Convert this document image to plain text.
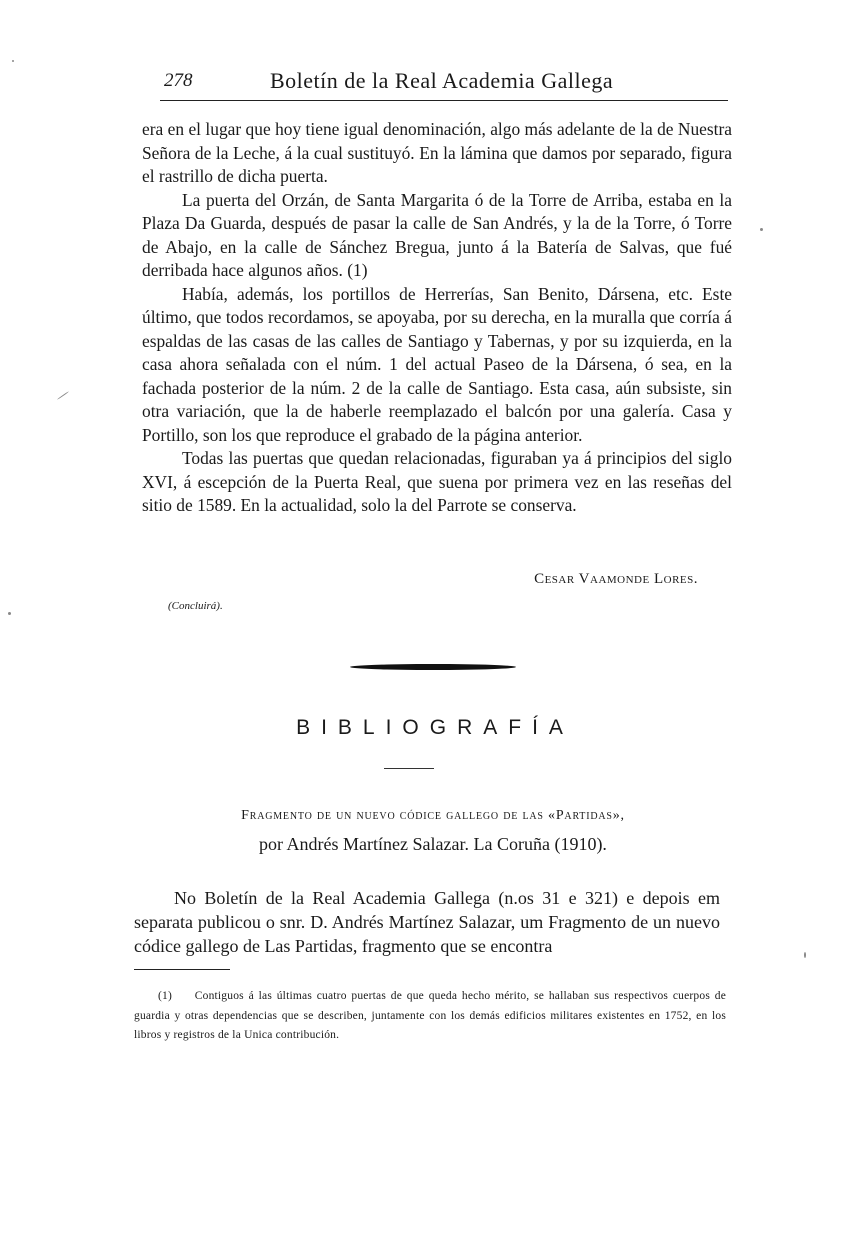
278	Boletín de la Real Academia Gallega

era en el lugar que hoy tiene igual denominación, algo más adelante de la de Nuestra Señora de la Leche, á la cual sustituyó. En la lámina que damos por separado, figura el rastrillo de dicha puerta.

La puerta del Orzán, de Santa Margarita ó de la Torre de Arriba, estaba en la Plaza Da Guarda, después de pasar la calle de San Andrés, y la de la Torre, ó Torre de Abajo, en la calle de Sánchez Bregua, junto á la Batería de Salvas, que fué derribada hace algunos años. (1)

Había, además, los portillos de Herrerías, San Benito, Dársena, etc. Este último, que todos recordamos, se apoyaba, por su derecha, en la muralla que corría á espaldas de las casas de las calles de Santiago y Tabernas, y por su izquierda, en la casa ahora señalada con el núm. 1 del actual Paseo de la Dársena, ó sea, en la fachada posterior de la núm. 2 de la calle de Santiago. Esta casa, aún subsiste, sin otra variación, que la de haberle reemplazado el balcón por una galería. Casa y Portillo, son los que reproduce el grabado de la página anterior.

Todas las puertas que quedan relacionadas, figuraban ya á principios del siglo XVI, á escepción de la Puerta Real, que suena por primera vez en las reseñas del sitio de 1589. En la actualidad, solo la del Parrote se conserva.

Cesar Vaamonde Lores.
(Concluirá).
BIBLIOGRAFÍA
Fragmento de un nuevo códice gallego de las «Partidas»,
por Andrés Martínez Salazar. La Coruña (1910).

No Boletín de la Real Academia Gallega (n.os 31 e 321) e depois em separata publicou o snr. D. Andrés Martínez Salazar, um Fragmento de un nuevo códice gallego de Las Partidas, fragmento que se encontra

(1) Contiguos á las últimas cuatro puertas de que queda hecho mérito, se hallaban sus respectivos cuerpos de guardia y otras dependencias que se describen, juntamente con los demás edificios militares existentes en 1752, en los libros y registros de la Unica contribución.
